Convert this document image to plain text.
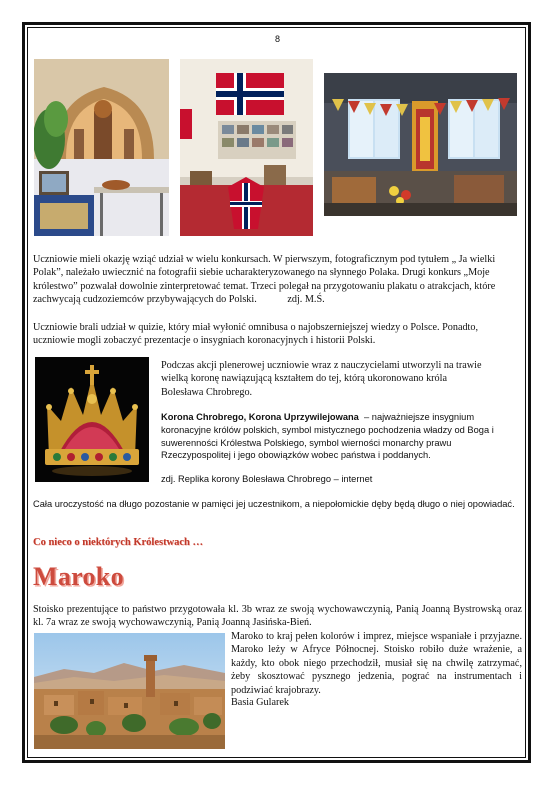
8
Uczniowie mieli okazję wziąć udział w wielu konkursach. W pierwszym, fotograficznym pod tytułem „ Ja wielki Polak”, należało uwiecznić na fotografii siebie ucharakteryzowanego na słynnego Polaka. Drugi konkurs „Moje królestwo” pozwalał dowolnie zinterpretować temat. Trzeci polegał na przygotowaniu plakatu o atrakcjach, które zachwycają cudzoziemców przybywających do Polski.	zdj. M.Ś.
Uczniowie brali udział w quizie, który miał wyłonić omnibusa o najobszerniejszej wiedzy o Polsce. Ponadto, uczniowie mogli zobaczyć prezentacje o insygniach koronacyjnych i historii Polski.
Podczas akcji plenerowej uczniowie wraz z nauczycielami utworzyli na trawie wielką koronę nawiązującą kształtem do tej, którą ukoronowano króla Bolesława Chrobrego.
Korona Chrobrego, Korona Uprzywilejowana – najważniejsze insygnium koronacyjne królów polskich, symbol mistycznego pochodzenia władzy od Boga i suwerenności Królestwa Polskiego, symbol wierności monarchy prawu Rzeczypospolitej i jego obowiązków wobec państwa i poddanych.
zdj. Replika korony Bolesława Chrobrego – internet
Cała uroczystość na długo pozostanie w pamięci jej uczestnikom, a niepołomickie dęby będą długo o niej opowiadać.
Co nieco o niektórych Królestwach …
Maroko
Stoisko prezentujące to państwo przygotowała kl. 3b wraz ze swoją wychowawczynią, Panią Joanną Bystrowską oraz kl. 7a wraz ze swoją wychowawczynią, Panią Joanną Jasińska-Bień.
Maroko to kraj pełen kolorów i imprez, miejsce wspaniałe i przyjazne. Maroko leży w Afryce Północnej. Stoisko robiło duże wrażenie, a każdy, kto obok niego przechodził, musiał się na chwilę zatrzymać, żeby skosztować pysznego jedzenia, pograć na instrumentach i podziwiać krajobrazy.
Basia Gularek
